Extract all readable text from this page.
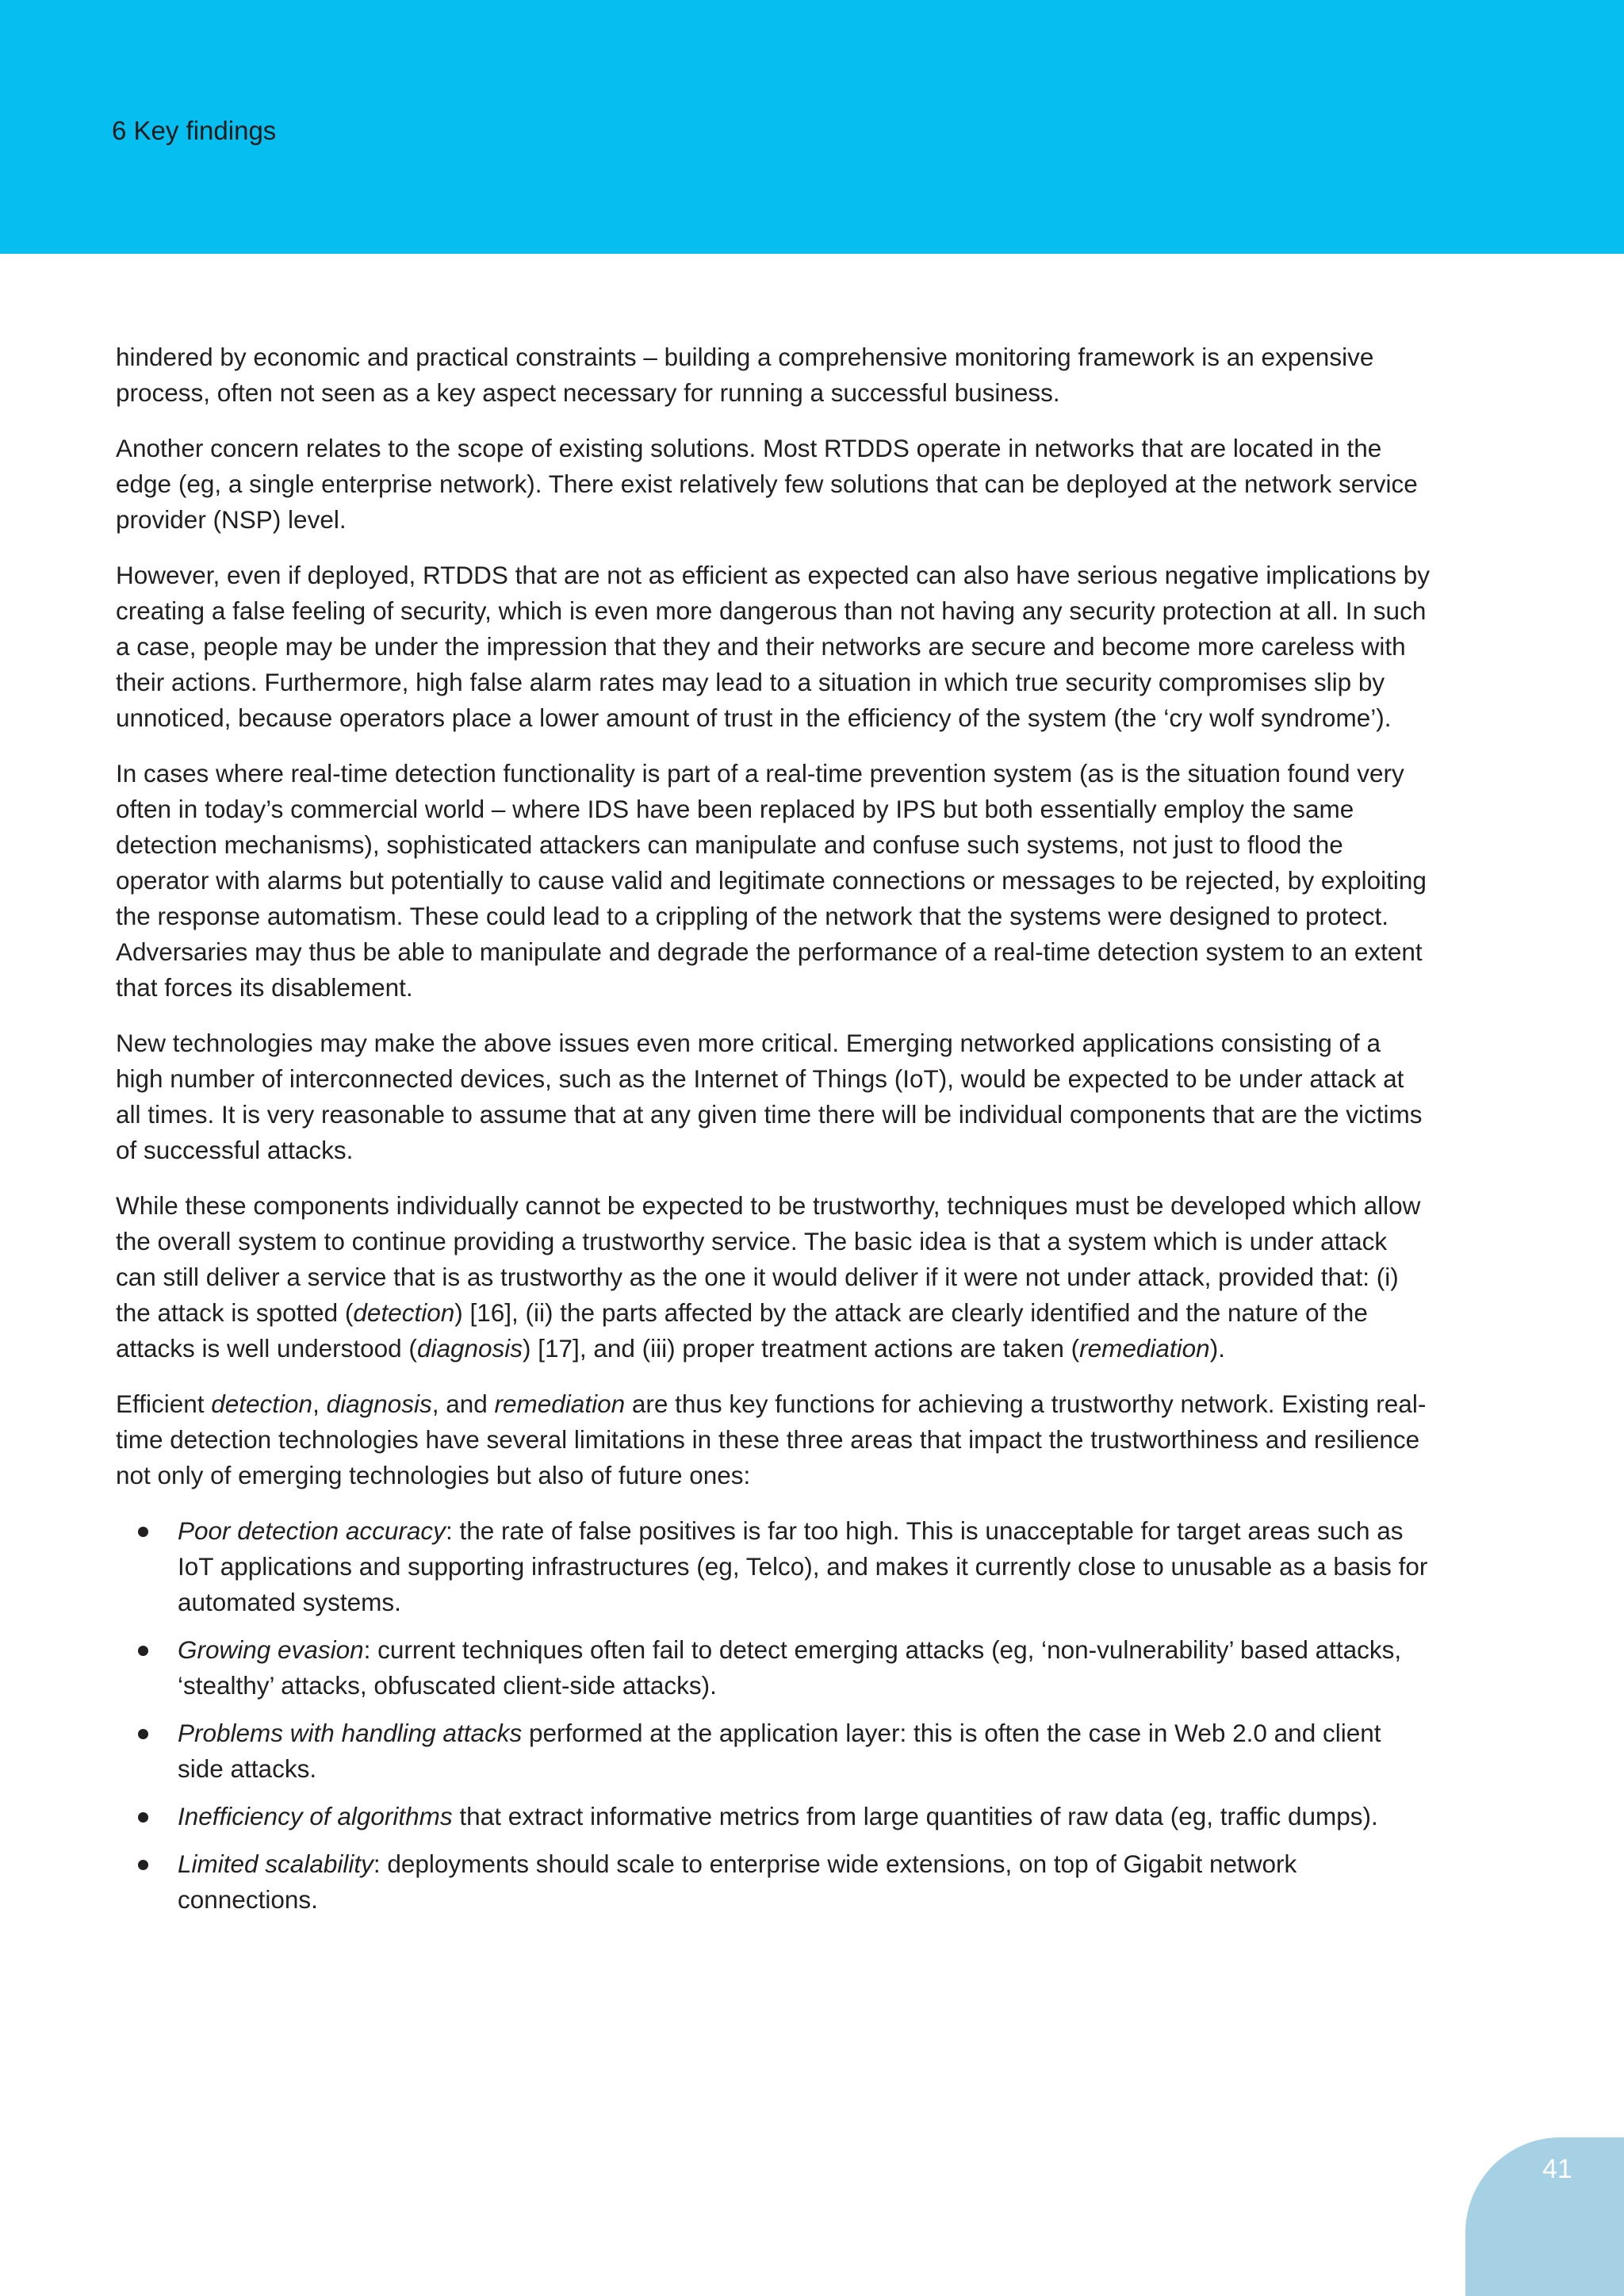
6 Key findings

hindered by economic and practical constraints – building a comprehensive monitoring framework is an expensive process, often not seen as a key aspect necessary for running a successful business.

Another concern relates to the scope of existing solutions. Most RTDDS operate in networks that are located in the edge (eg, a single enterprise network). There exist relatively few solutions that can be deployed at the network service provider (NSP) level.

However, even if deployed, RTDDS that are not as efficient as expected can also have serious negative implications by creating a false feeling of security, which is even more dangerous than not having any security protection at all. In such a case, people may be under the impression that they and their networks are secure and become more careless with their actions. Furthermore, high false alarm rates may lead to a situation in which true security compromises slip by unnoticed, because operators place a lower amount of trust in the efficiency of the system (the ‘cry wolf syndrome’).

In cases where real-time detection functionality is part of a real-time prevention system (as is the situation found very often in today’s commercial world – where IDS have been replaced by IPS but both essentially employ the same detection mechanisms), sophisticated attackers can manipulate and confuse such systems, not just to flood the operator with alarms but potentially to cause valid and legitimate connections or messages to be rejected, by exploiting the response automatism. These could lead to a crippling of the network that the systems were designed to protect. Adversaries may thus be able to manipulate and degrade the performance of a real-time detection system to an extent that forces its disablement.

New technologies may make the above issues even more critical. Emerging networked applications consisting of a high number of interconnected devices, such as the Internet of Things (IoT), would be expected to be under attack at all times. It is very reasonable to assume that at any given time there will be individual components that are the victims of successful attacks.

While these components individually cannot be expected to be trustworthy, techniques must be developed which allow the overall system to continue providing a trustworthy service. The basic idea is that a system which is under attack can still deliver a service that is as trustworthy as the one it would deliver if it were not under attack, provided that: (i) the attack is spotted (detection) [16], (ii) the parts affected by the attack are clearly identified and the nature of the attacks is well understood (diagnosis) [17], and (iii) proper treatment actions are taken (remediation).

Efficient detection, diagnosis, and remediation are thus key functions for achieving a trustworthy network. Existing real-time detection technologies have several limitations in these three areas that impact the trustworthiness and resilience not only of emerging technologies but also of future ones:

Poor detection accuracy: the rate of false positives is far too high. This is unacceptable for target areas such as IoT applications and supporting infrastructures (eg, Telco), and makes it currently close to unusable as a basis for automated systems.
Growing evasion: current techniques often fail to detect emerging attacks (eg, ‘non-vulnerability’ based attacks, ‘stealthy’ attacks, obfuscated client-side attacks).
Problems with handling attacks performed at the application layer: this is often the case in Web 2.0 and client side attacks.
Inefficiency of algorithms that extract informative metrics from large quantities of raw data (eg, traffic dumps).
Limited scalability: deployments should scale to enterprise wide extensions, on top of Gigabit network connections.
41
